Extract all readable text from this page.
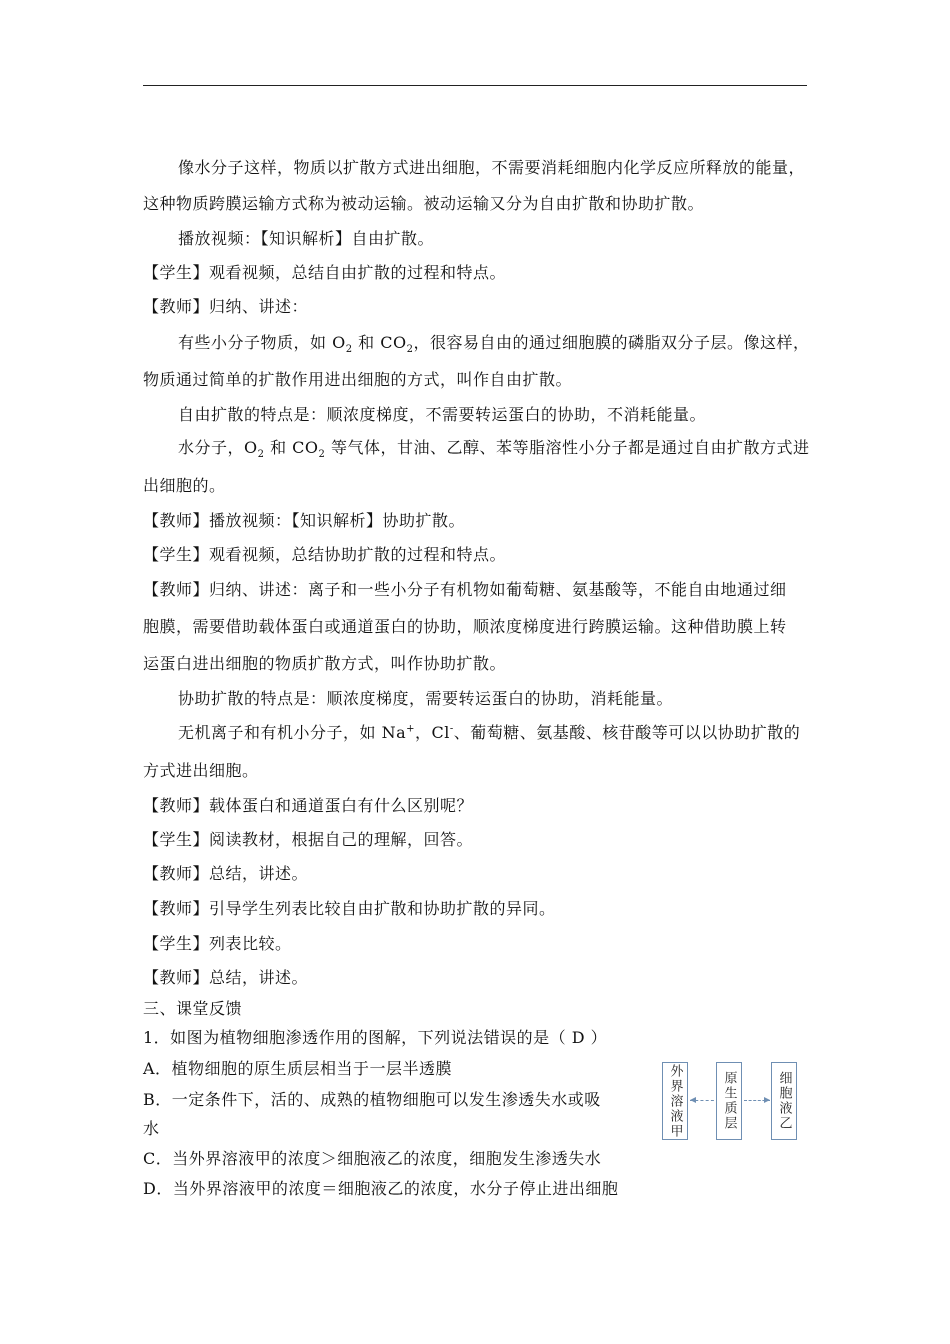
像水分子这样，物质以扩散方式进出细胞，不需要消耗细胞内化学反应所释放的能量，
这种物质跨膜运输方式称为被动运输。被动运输又分为自由扩散和协助扩散。
播放视频：【知识解析】自由扩散。
【学生】观看视频，总结自由扩散的过程和特点。
【教师】归纳、讲述：
有些小分子物质，如 $O_2$ 和 $CO_2$，很容易自由的通过细胞膜的磷脂双分子层。像这样，
物质通过简单的扩散作用进出细胞的方式，叫作自由扩散。
自由扩散的特点是：顺浓度梯度，不需要转运蛋白的协助，不消耗能量。
水分子，$O_2$ 和 $CO_2$ 等气体，甘油、乙醇、苯等脂溶性小分子都是通过自由扩散方式进
出细胞的。
【教师】播放视频：【知识解析】协助扩散。
【学生】观看视频，总结协助扩散的过程和特点。
【教师】归纳、讲述：离子和一些小分子有机物如葡萄糖、氨基酸等，不能自由地通过细
胞膜，需要借助载体蛋白或通道蛋白的协助，顺浓度梯度进行跨膜运输。这种借助膜上转
运蛋白进出细胞的物质扩散方式，叫作协助扩散。
协助扩散的特点是：顺浓度梯度，需要转运蛋白的协助，消耗能量。
无机离子和有机小分子，如 Na+，Cl-、葡萄糖、氨基酸、核苷酸等可以以协助扩散的
方式进出细胞。
【教师】载体蛋白和通道蛋白有什么区别呢？
【学生】阅读教材，根据自己的理解，回答。
【教师】总结，讲述。
【教师】引导学生列表比较自由扩散和协助扩散的异同。
【学生】列表比较。
【教师】总结，讲述。
三、课堂反馈
1．如图为植物细胞渗透作用的图解，下列说法错误的是（ D ）
A．植物细胞的原生质层相当于一层半透膜
B．一定条件下，活的、成熟的植物细胞可以发生渗透失水或吸
水
C．当外界溶液甲的浓度＞细胞液乙的浓度，细胞发生渗透失水
D．当外界溶液甲的浓度＝细胞液乙的浓度，水分子停止进出细胞
外界溶液甲	原生质层	细胞液乙
